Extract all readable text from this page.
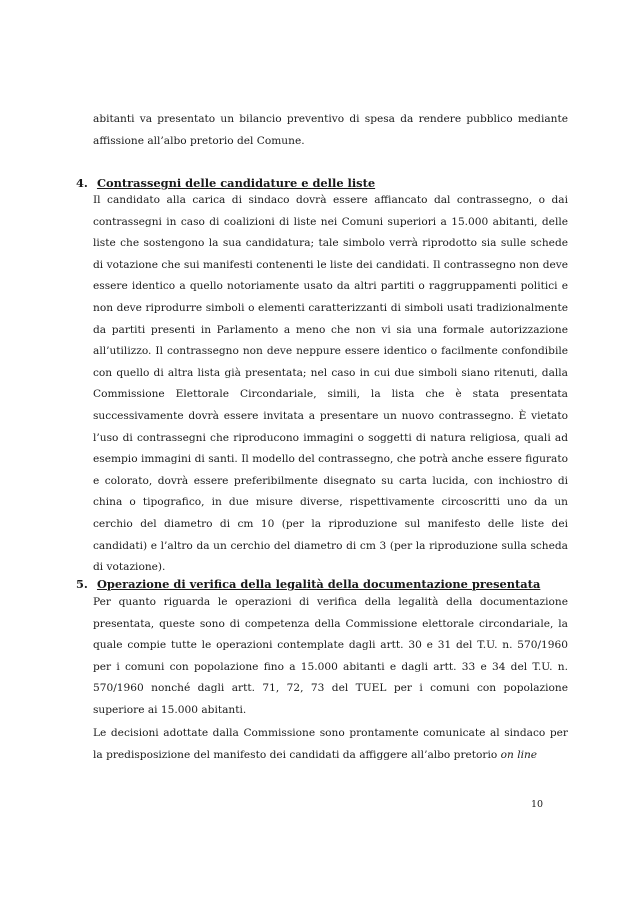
abitanti va presentato un bilancio preventivo di spesa da rendere pubblico mediante affissione all’albo pretorio del Comune.
4. Contrassegni delle candidature e delle liste
Il candidato alla carica di sindaco dovrà essere affiancato dal contrassegno, o dai contrassegni in caso di coalizioni di liste nei Comuni superiori a 15.000 abitanti, delle liste che sostengono la sua candidatura; tale simbolo verrà riprodotto sia sulle schede di votazione che sui manifesti contenenti le liste dei candidati. Il contrassegno non deve essere identico a quello notoriamente usato da altri partiti o raggruppamenti politici e non deve riprodurre simboli o elementi caratterizzanti di simboli usati tradizionalmente da partiti presenti in Parlamento a meno che non vi sia una formale autorizzazione all’utilizzo. Il contrassegno non deve neppure essere identico o facilmente confondibile con quello di altra lista già presentata; nel caso in cui due simboli siano ritenuti, dalla Commissione Elettorale Circondariale, simili, la lista che è stata presentata successivamente dovrà essere invitata a presentare un nuovo contrassegno. È vietato l’uso di contrassegni che riproducono immagini o soggetti di natura religiosa, quali ad esempio immagini di santi. Il modello del contrassegno, che potrà anche essere figurato e colorato, dovrà essere preferibilmente disegnato su carta lucida, con inchiostro di china o tipografico, in due misure diverse, rispettivamente circoscritti uno da un cerchio del diametro di cm 10 (per la riproduzione sul manifesto delle liste dei candidati) e l’altro da un cerchio del diametro di cm 3 (per la riproduzione sulla scheda di votazione).
5. Operazione di verifica della legalità della documentazione presentata
Per quanto riguarda le operazioni di verifica della legalità della documentazione presentata, queste sono di competenza della Commissione elettorale circondariale, la quale compie tutte le operazioni contemplate dagli artt. 30 e 31 del T.U. n. 570/1960 per i comuni con popolazione fino a 15.000 abitanti e dagli artt. 33 e 34 del T.U. n. 570/1960 nonché dagli artt. 71, 72, 73 del TUEL per i comuni con popolazione superiore ai 15.000 abitanti.
Le decisioni adottate dalla Commissione sono prontamente comunicate al sindaco per la predisposizione del manifesto dei candidati da affiggere all’albo pretorio on line
10
